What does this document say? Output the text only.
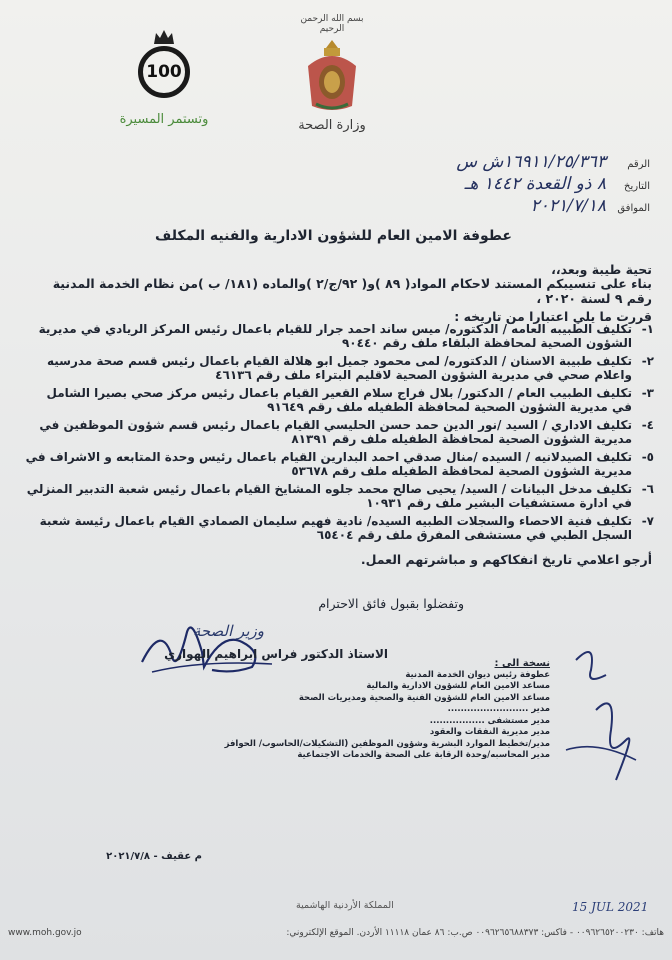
100
وتستمر المسيرة
بسم الله الرحمن الرحيم
وزارة الصحة
الرقم
١٦٩١١/٢٥/٣٦٣ش س
التاريخ
٨ ذو القعدة ١٤٤٢ هـ
الموافق
٢٠٢١/٧/١٨
عطوفة الامين العام للشؤون الادارية والفنيه المكلف
تحية طيبة وبعد،،
بناء على تنسيبكم المستند لاحكام المواد( ٨٩ )و( ٩٢/ج/٢ )والماده (١٨١/ ب )من نظام الخدمة المدنية رقم ٩ لسنة ٢٠٢٠ ،
قررت ما يلي اعتبارا من تاريخه :
١-
تكليف الطبيبه العامه / الدكتوره/ ميس ساند احمد جرار للقيام باعمال رئيس المركز الريادي في مديرية الشؤون الصحية لمحافظة البلقاء ملف رقم ٩٠٤٤٠
٢-
تكليف طبيبة الاسنان / الدكتوره/ لمى محمود جميل ابو هلالة القيام باعمال رئيس قسم صحة مدرسيه واعلام صحي في مديرية الشؤون الصحية لاقليم البتراء ملف رقم ٤٦١٣٦
٣-
تكليف الطبيب العام / الدكتور/ بلال فراج سلام القعير القيام باعمال رئيس مركز صحي بصيرا الشامل في مديرية الشؤون الصحية لمحافظة الطفيله ملف رقم ٩١٦٤٩
٤-
تكليف الاداري / السيد /نور الدين حمد حسن الحليسي القيام باعمال رئيس قسم شؤون الموظفين في مديرية الشؤون الصحية لمحافظة الطفيله ملف رقم ٨١٣٩١
٥-
تكليف الصيدلانيه / السيده /منال صدقي احمد البدارين القيام باعمال رئيس وحدة المتابعه و الاشراف في مديرية الشؤون الصحية لمحافظة الطفيله ملف رقم ٥٣٦٧٨
٦-
تكليف مدخل البيانات / السيد/ يحيى صالح محمد جلوه المشايخ القيام باعمال رئيس شعبة التدبير المنزلي في ادارة مستشفيات البشير ملف رقم ١٠٩٣١
٧-
تكليف فنية الاحصاء والسجلات الطبيه السيده/ نادية فهيم سليمان الصمادي القيام باعمال رئيسة شعبة السجل الطبي في مستشفى المفرق ملف رقم ٦٥٤٠٤
أرجو اعلامي تاريخ انفكاكهم و مباشرتهم العمل.
وتفضلوا بقبول فائق الاحترام
وزير الصحة
الاستاذ الدكتور فراس ابراهيم الهواري
نسخة الى :
عطوفة رئيس ديوان الخدمة المدنية
مساعد الامين العام للشؤون الادارية والمالية
مساعد الامين العام للشؤون الفنية والصحية ومديريات الصحة
مدير .........................
مدير مستشفى .................
مدير مديرية النفقات والعقود
مدير/تخطيط الموارد البشرية وشؤون الموظفين (التشكيلات/الحاسوب/ الحوافز
مدير المحاسبه/وحدة الرقابة على الصحة والخدمات الاجتماعية
م عقيف - ٢٠٢١/٧/٨
المملكة الأردنية الهاشمية	15 JUL 2021
www.moh.gov.jo	هاتف: ٠٠٩٦٢٦٥٢٠٠٢٣٠ - فاكس: ٠٠٩٦٢٦٥٦٨٨٣٧٣ ص.ب: ٨٦ عمان ١١١١٨ الأردن. الموقع الإلكتروني:
